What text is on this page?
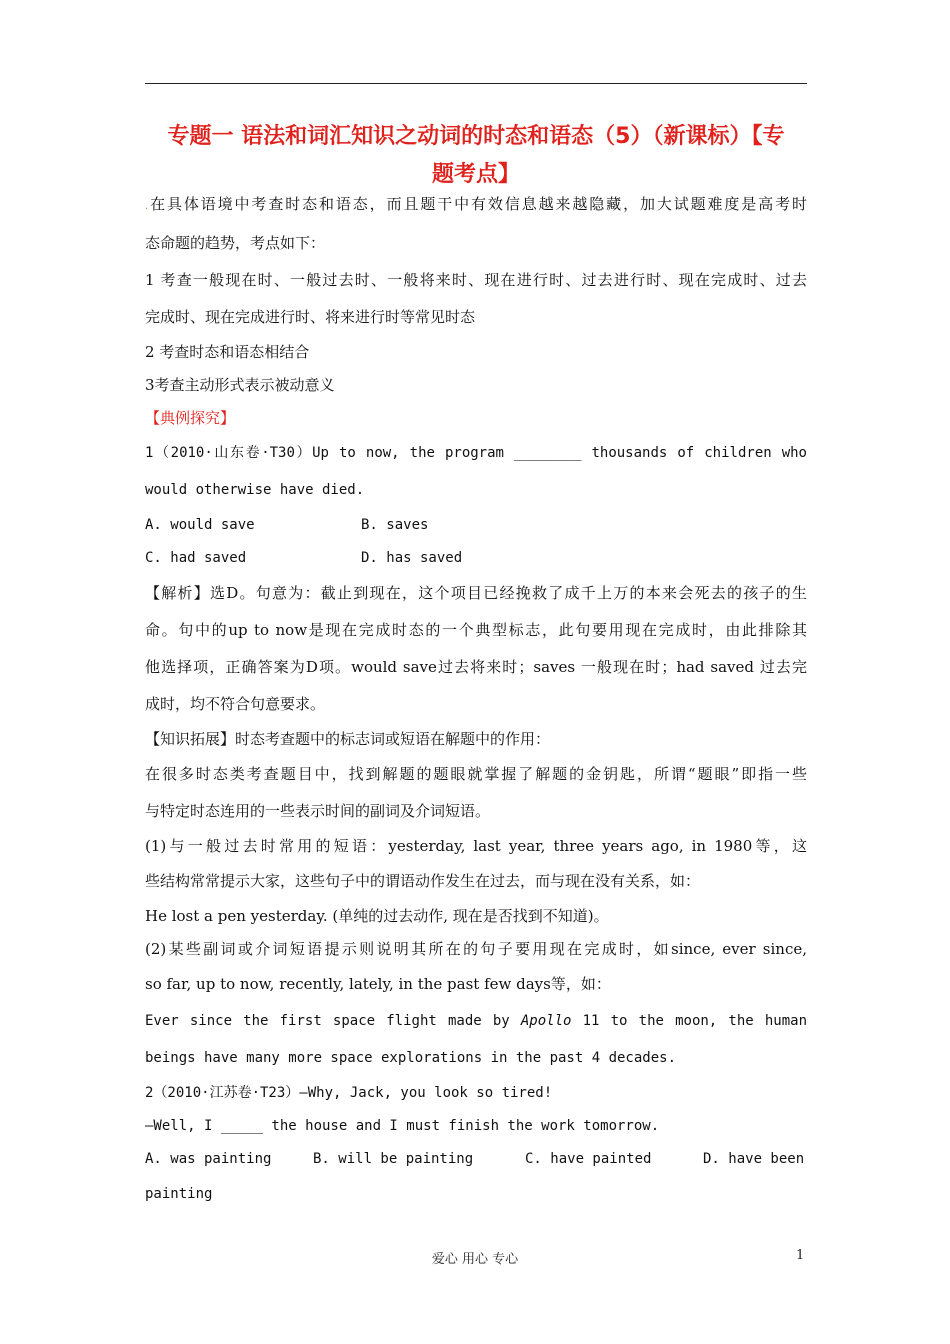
专题一 语法和词汇知识之动词的时态和语态（5）（新课标）【专
题考点】
.在具体语境中考查时态和语态，而且题干中有效信息越来越隐藏，加大试题难度是高考时
态命题的趋势，考点如下：
1 考查一般现在时、一般过去时、一般将来时、现在进行时、过去进行时、现在完成时、过去
完成时、现在完成进行时、将来进行时等常见时态
2 考查时态和语态相结合
3考查主动形式表示被动意义
【典例探究】
1（2010·山东卷·T30）Up to now, the program ________ thousands of children who
would otherwise have died.
A. would save	B. saves
C. had saved	D. has saved
【解析】选D。句意为：截止到现在，这个项目已经挽救了成千上万的本来会死去的孩子的生
命。句中的up to now是现在完成时态的一个典型标志，此句要用现在完成时，由此排除其
他选择项，正确答案为D项。would save过去将来时；saves 一般现在时；had saved 过去完
成时，均不符合句意要求。
【知识拓展】时态考查题中的标志词或短语在解题中的作用：
在很多时态类考查题目中，找到解题的题眼就掌握了解题的金钥匙，所谓“题眼”即指一些
与特定时态连用的一些表示时间的副词及介词短语。
(1)与一般过去时常用的短语：yesterday, last year, three years ago, in 1980等，这
些结构常常提示大家，这些句子中的谓语动作发生在过去，而与现在没有关系，如：
He lost a pen yesterday. (单纯的过去动作, 现在是否找到不知道)。
(2)某些副词或介词短语提示则说明其所在的句子要用现在完成时，如since, ever since,
so far, up to now, recently, lately, in the past few days等，如：
Ever since the first space flight made by Apollo 11 to the moon, the human
beings have many more space explorations in the past 4 decades.
2（2010·江苏卷·T23）—Why, Jack, you look so tired!
—Well, I _____ the house and I must finish the work tomorrow.
A. was painting	B. will be painting	C. have painted	D. have been
painting
爱心 用心 专心	1
